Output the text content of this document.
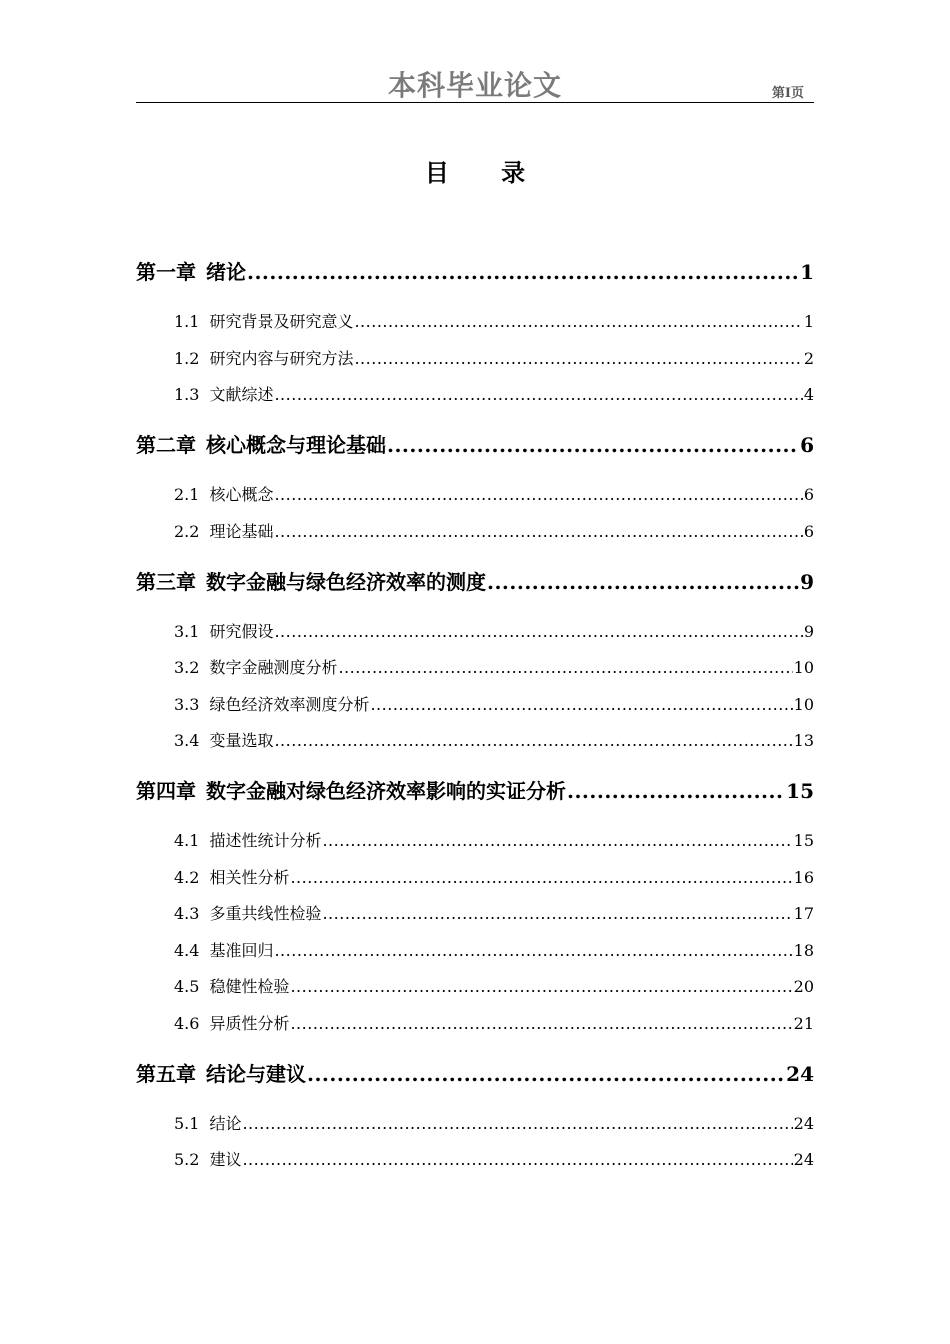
本科毕业论文	第I页
目 录
第一章 绪论 .....	1
1.1 研究背景及研究意义 .....	1
1.2 研究内容与研究方法 .....	2
1.3 文献综述 .....	4
第二章 核心概念与理论基础 .....	6
2.1 核心概念 .....	6
2.2 理论基础 .....	6
第三章 数字金融与绿色经济效率的测度 .....	9
3.1 研究假设 .....	9
3.2 数字金融测度分析 .....	10
3.3 绿色经济效率测度分析 .....	10
3.4 变量选取 .....	13
第四章 数字金融对绿色经济效率影响的实证分析 .....	15
4.1 描述性统计分析 .....	15
4.2 相关性分析 .....	16
4.3 多重共线性检验 .....	17
4.4 基准回归 .....	18
4.5 稳健性检验 .....	20
4.6 异质性分析 .....	21
第五章 结论与建议 .....	24
5.1 结论 .....	24
5.2 建议 .....	24
